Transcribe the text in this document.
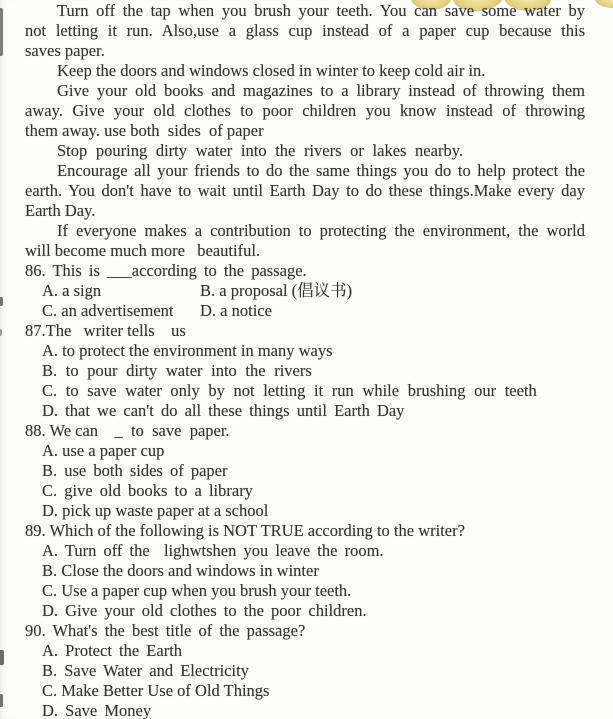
Turn off the tap when you brush your teeth. You can save some water by
not letting it run. Also,use a glass cup instead of a paper cup because this
saves paper.
Keep the doors and windows closed in winter to keep cold air in.
Give your old books and magazines to a library instead of throwing them
away. Give your old clothes to poor children you know instead of throwing
them away. use both  sides  of paper
Stop pouring dirty water into the rivers or lakes nearby.
Encourage all your friends to do the same things you do to help protect the
earth. You don't have to wait until Earth Day to do these things.Make every day
Earth Day.
If everyone makes a contribution to protecting the environment, the world
will become much more   beautiful.
86. This is ___according to the passage.
A. a sign	B. a proposal (倡议书)
C. an advertisement	D. a notice
87.The   writer tells    us
A. to protect the environment in many ways
B. to pour dirty water into the rivers
C. to save water only by not letting it run while brushing our teeth
D. that we can't do all these things until Earth Day
88. We can    _  to  save  paper.
A. use a paper cup
B. use both sides of paper
C. give old books to a library
D. pick up waste paper at a school
89. Which of the following is NOT TRUE according to the writer?
A. Turn off the  lighwtshen you leave the room.
B. Close the doors and windows in winter
C. Use a paper cup when you brush your teeth.
D. Give your old clothes to the poor children.
90. What's the best title of the passage?
A. Protect the Earth
B. Save Water and Electricity
C. Make Better Use of Old Things
D. Save Money
